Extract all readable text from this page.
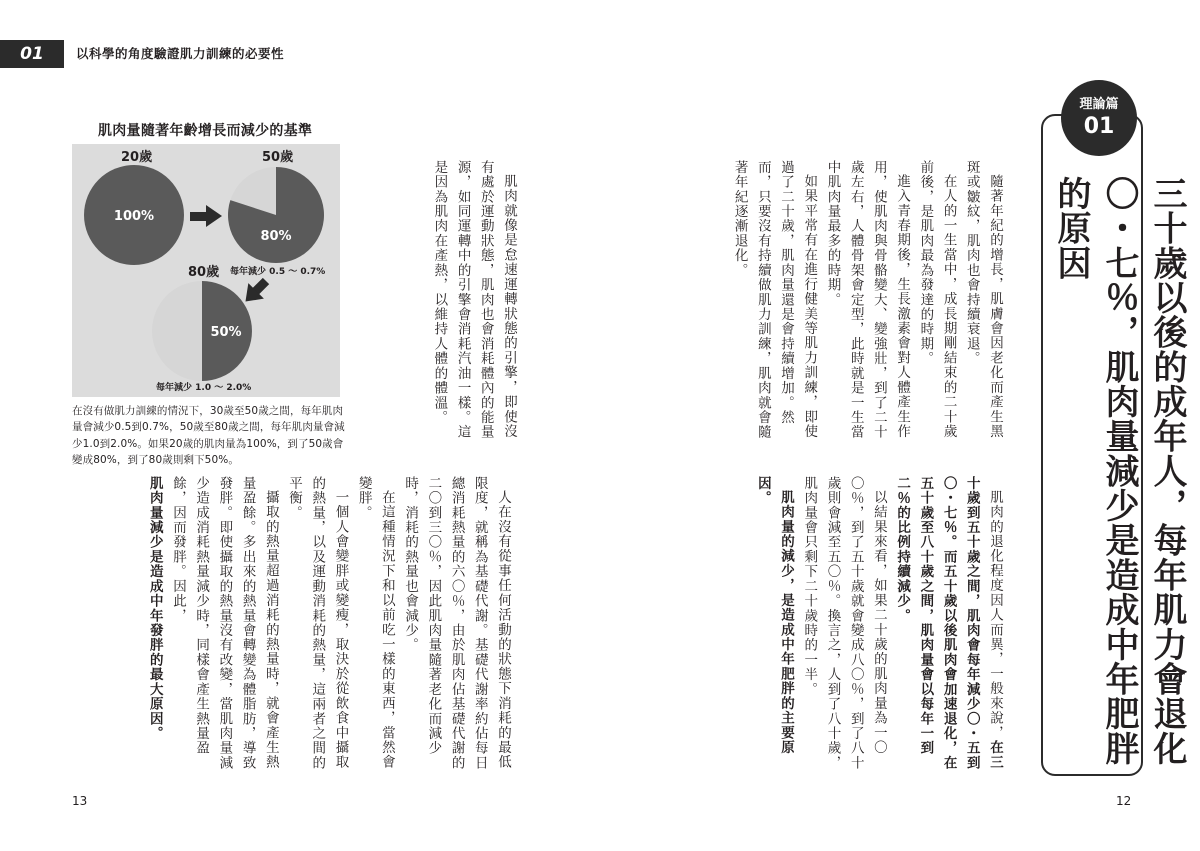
01	以科學的角度驗證肌力訓練的必要性
肌肉量隨著年齡增長而減少的基準
20歲
100%
50歲
80%
每年減少 0.5 ～ 0.7%
80歲
50%
每年減少 1.0 ～ 2.0%
在沒有做肌力訓練的情況下，30歲至50歲之間，每年肌肉量會減少0.5到0.7%，50歲至80歲之間，每年肌肉量會減少1.0到2.0%。如果20歲的肌肉量為100%，到了50歲會變成80%，到了80歲則剩下50%。

肌肉就像是怠速運轉狀態的引擎，即使沒有處於運動狀態，肌肉也會消耗體內的能量源，如同運轉中的引擎會消耗汽油一樣。這是因為肌肉在產熱，以維持人體的體溫。

人在沒有從事任何活動的狀態下消耗的最低限度，就稱為基礎代謝。基礎代謝率約佔每日總消耗熱量的六〇％，由於肌肉佔基礎代謝的二〇到三〇％，因此肌肉量隨著老化而減少時，消耗的熱量也會減少。

在這種情況下和以前吃一樣的東西，當然會變胖。

一個人會變胖或變瘦，取決於從飲食中攝取的熱量，以及運動消耗的熱量，這兩者之間的平衡。

攝取的熱量超過消耗的熱量時，就會產生熱量盈餘。多出來的熱量會轉變為體脂肪，導致發胖。即使攝取的熱量沒有改變，當肌肉量減少造成消耗熱量減少時，同樣會產生熱量盈餘，因而發胖。因此，

肌肉量減少是造成中年發胖的最大原因。

13
三十歲以後的成年人，每年肌力會退化
〇・七％，肌肉量減少是造成中年肥胖的原因
理論篇
01

隨著年紀的增長，肌膚會因老化而產生黑斑或皺紋，肌肉也會持續衰退。

在人的一生當中，成長期剛結束的二十歲前後，是肌肉最為發達的時期。

進入青春期後，生長激素會對人體產生作用，使肌肉與骨骼變大、變強壯，到了二十歲左右，人體骨架會定型，此時就是一生當中肌肉量最多的時期。

如果平常有在進行健美等肌力訓練，即使過了二十歲，肌肉量還是會持續增加。然而，只要沒有持續做肌力訓練，肌肉就會隨著年紀逐漸退化。

肌肉的退化程度因人而異，一般來說，在三十歲到五十歲之間，肌肉會每年減少〇・五到〇・七％。而五十歲以後肌肉會加速退化，在五十歲至八十歲之間，肌肉量會以每年一到二％的比例持續減少。

以結果來看，如果二十歲的肌肉量為一〇〇％，到了五十歲就會變成八〇％，到了八十歲則會減至五〇％。換言之，人到了八十歲，肌肉量會只剩下二十歲時的一半。

肌肉量的減少，是造成中年肥胖的主要原因。

12
